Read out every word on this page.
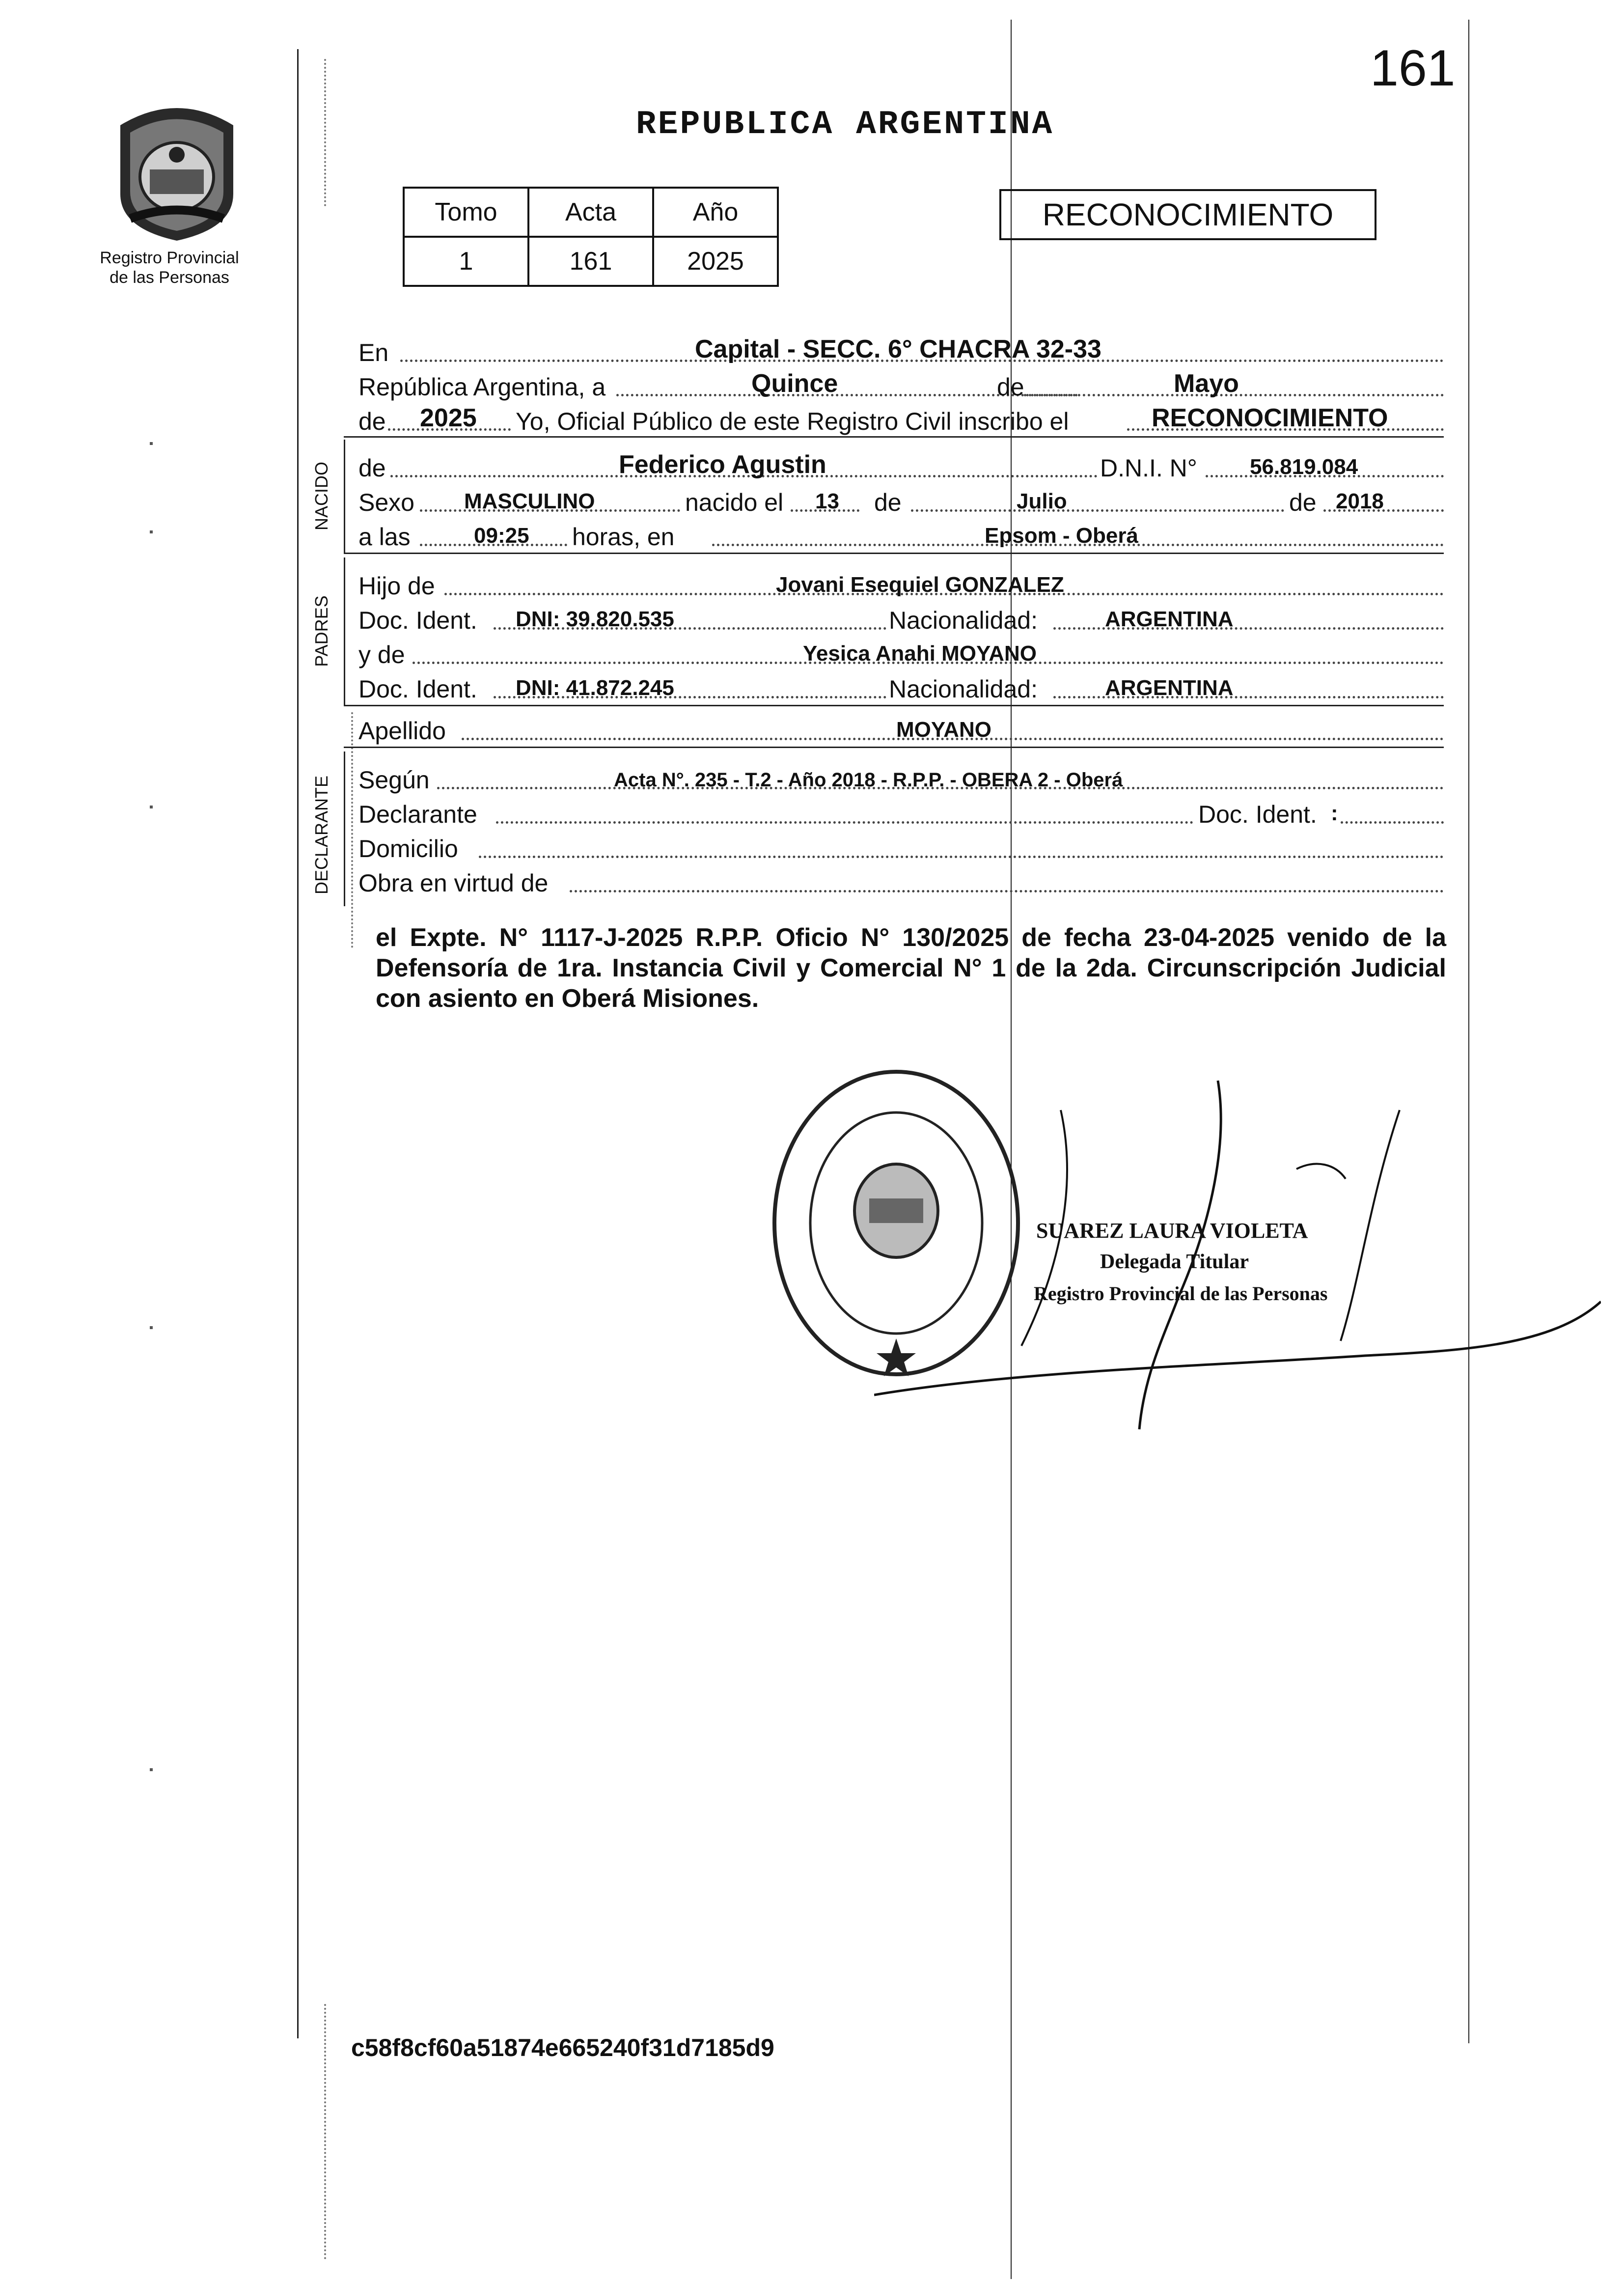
161
Registro Provincial de las Personas
REPUBLICA ARGENTINA
Tomo	Acta	Año
1	161	2025
RECONOCIMIENTO
En	Capital - SECC. 6° CHACRA 32-33
República Argentina, a	Quince	de	Mayo
de 2025 Yo, Oficial Público de este Registro Civil inscribo el	RECONOCIMIENTO
NACIDO de	Federico Agustin	D.N.I. N° 56.819.084
Sexo MASCULINO	nacido el 13 de	Julio	de 2018
a las	09:25 horas, en	Epsom - Oberá
PADRES
Hijo de	Jovani Esequiel GONZALEZ
Doc. Ident. DNI: 39.820.535	Nacionalidad:	ARGENTINA
y de	Yesica Anahi MOYANO
Doc. Ident. DNI: 41.872.245	Nacionalidad:	ARGENTINA
Apellido	MOYANO
DECLARANTE Según	Acta N°. 235 - T.2 - Año 2018 - R.P.P. - OBERA 2 - Oberá
Declarante	Doc. Ident. :
Domicilio
Obra en virtud de
el Expte. N° 1117-J-2025 R.P.P. Oficio N° 130/2025 de fecha 23-04-2025 venido de la Defensoría de 1ra. Instancia Civil y Comercial N° 1 de la 2da. Circunscripción Judicial con asiento en Oberá Misiones.
SUAREZ LAURA VIOLETA
Delegada Titular
Registro Provincial de las Personas
c58f8cf60a51874e665240f31d7185d9
